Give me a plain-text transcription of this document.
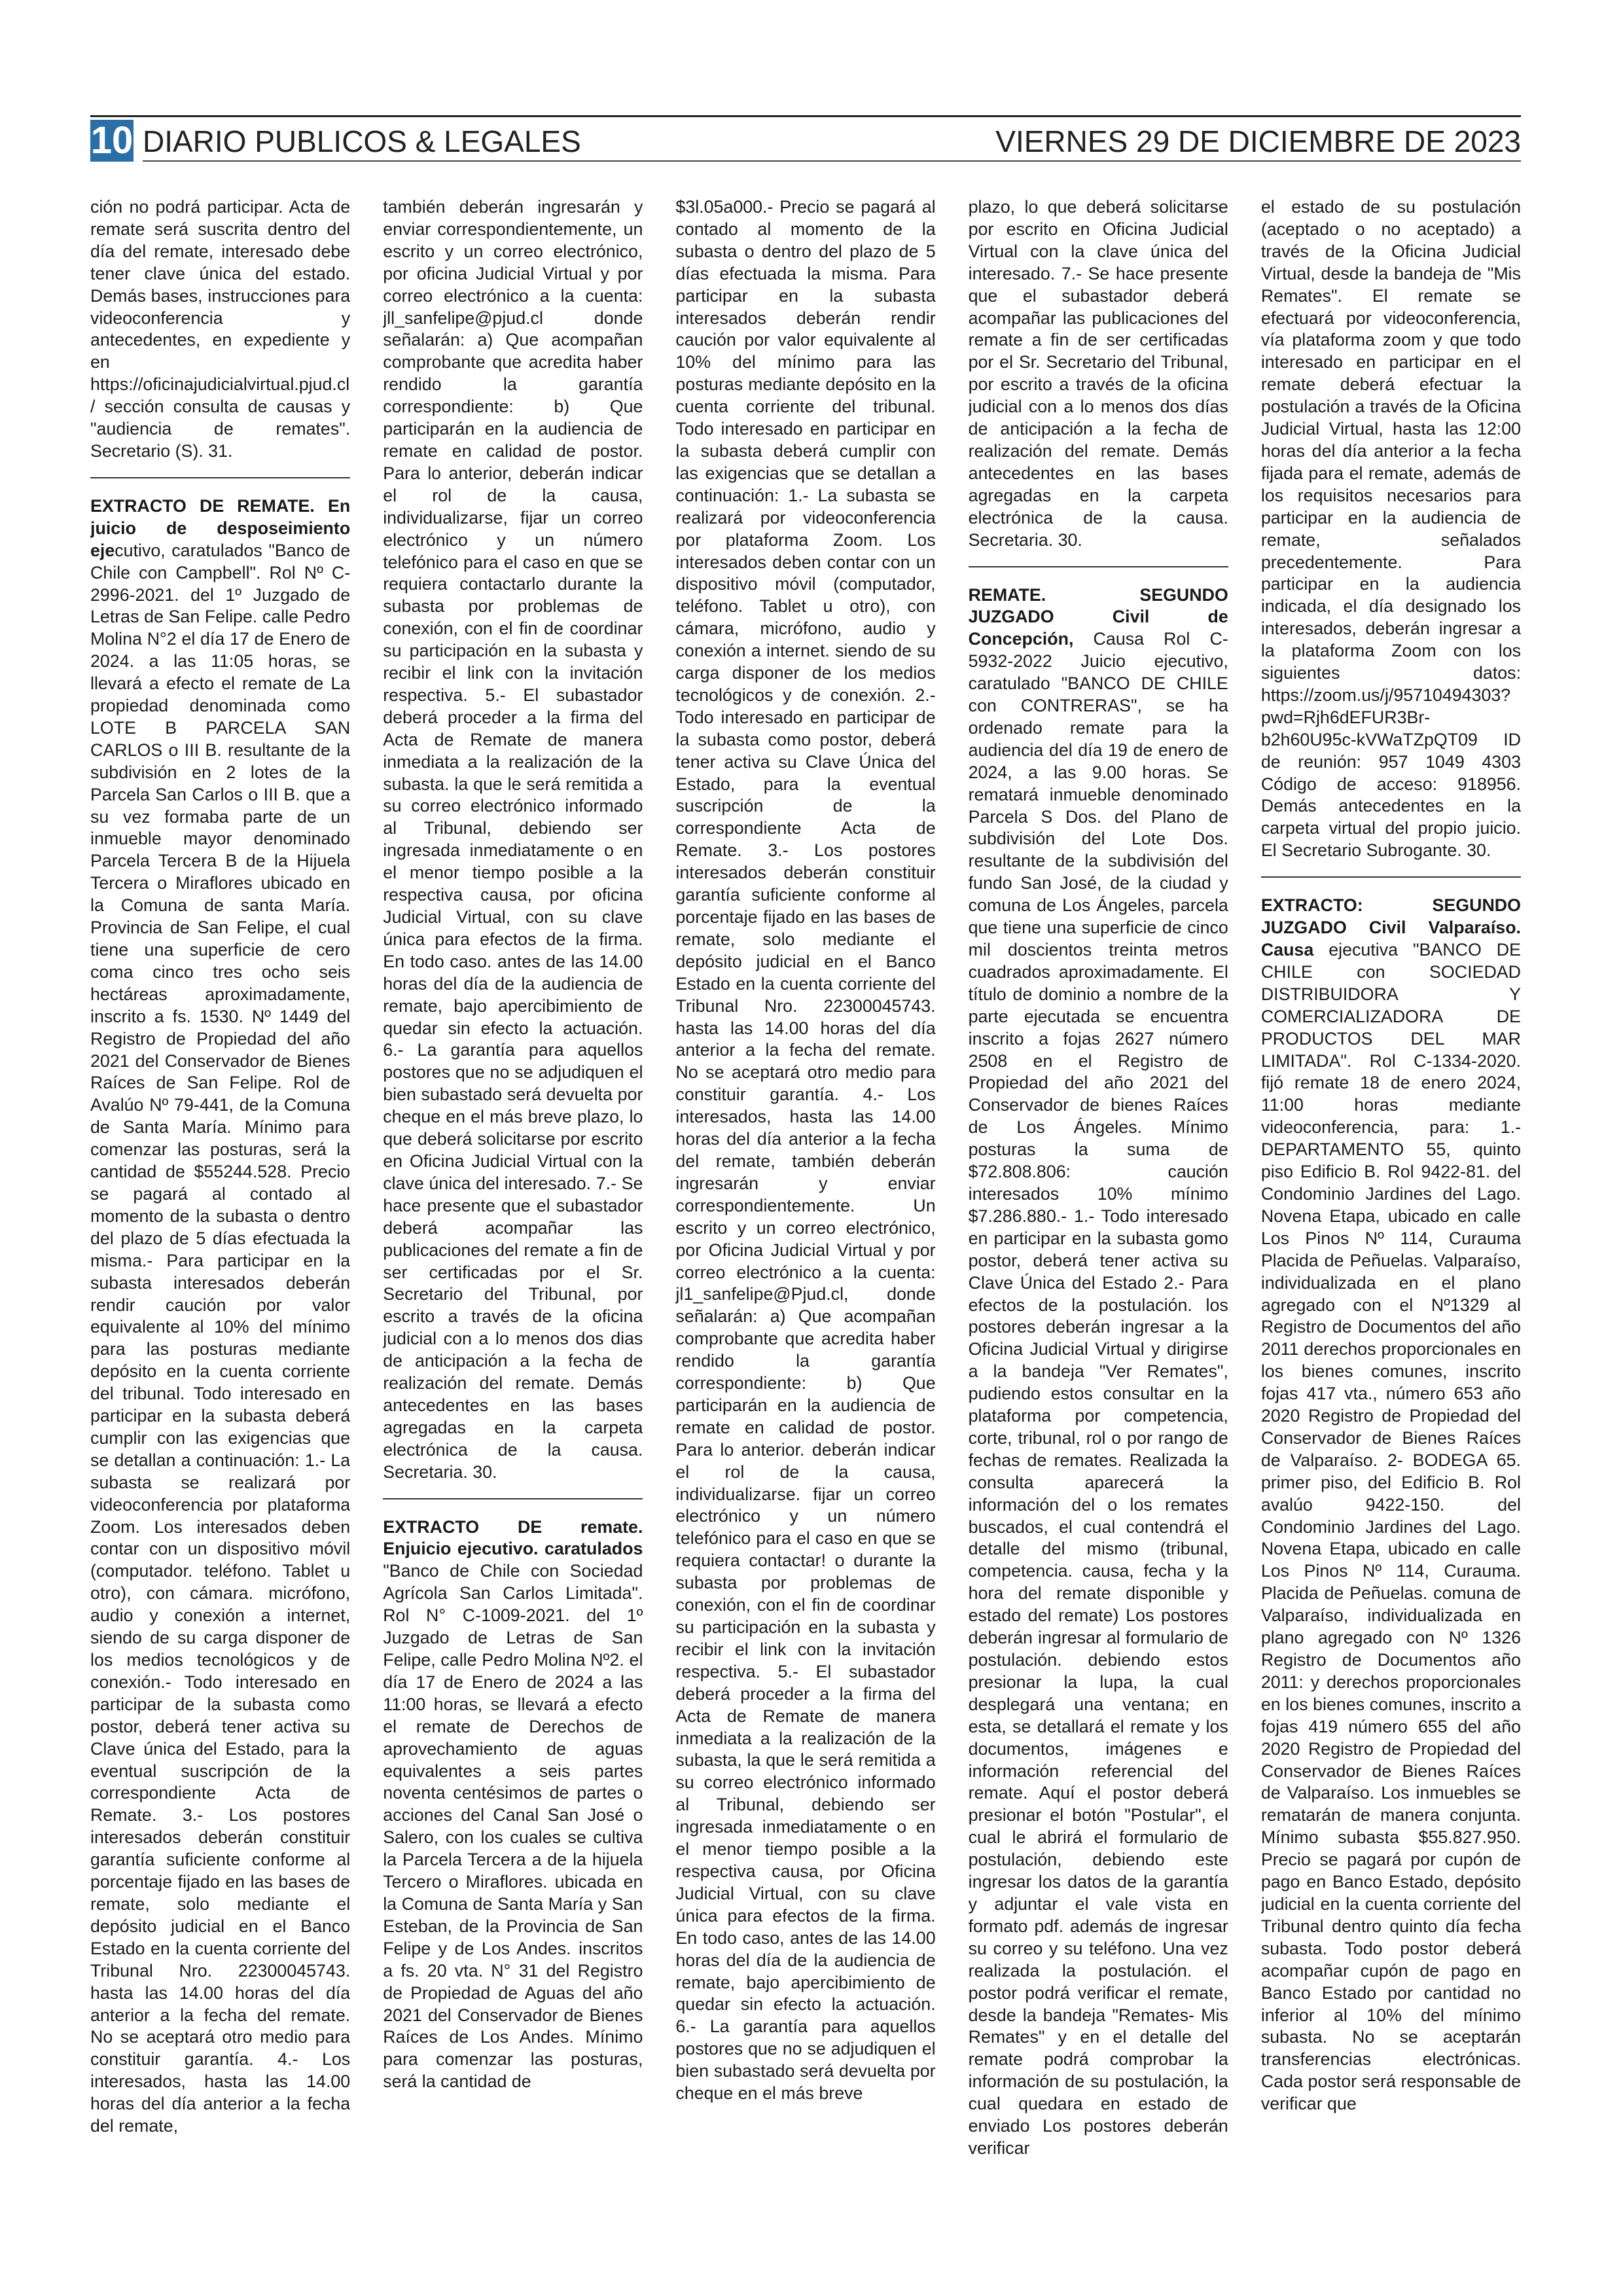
10 DIARIO PUBLICOS & LEGALES	VIERNES 29 DE DICIEMBRE DE 2023

ción no podrá participar. Acta de remate será suscrita dentro del día del remate, interesado debe tener clave única del estado. Demás bases, instrucciones para videoconferencia y antecedentes, en expediente y en https://oficinajudicialvirtual.pjud.cl/ sección consulta de causas y "audiencia de remates". Secretario (S). 31.

EXTRACTO DE REMATE. En juicio de desposeimiento ejecutivo, caratulados "Banco de Chile con Campbell". Rol Nº C-2996-2021. del 1º Juzgado de Letras de San Felipe. calle Pedro Molina N°2 el día 17 de Enero de 2024. a las 11:05 horas, se llevará a efecto el remate de La propiedad denominada como LOTE B PARCELA SAN CARLOS o III B. resultante de la subdivisión en 2 lotes de la Parcela San Carlos o III B. que a su vez formaba parte de un inmueble mayor denominado Parcela Tercera B de la Hijuela Tercera o Miraflores ubicado en la Comuna de santa María. Provincia de San Felipe, el cual tiene una superficie de cero coma cinco tres ocho seis hectáreas aproximadamente, inscrito a fs. 1530. Nº 1449 del Registro de Propiedad del año 2021 del Conservador de Bienes Raíces de San Felipe. Rol de Avalúo Nº 79-441, de la Comuna de Santa María. Mínimo para comenzar las posturas, será la cantidad de $55244.528. Precio se pagará al contado al momento de la subasta o dentro del plazo de 5 días efectuada la misma.- Para participar en la subasta interesados deberán rendir caución por valor equivalente al 10% del mínimo para las posturas mediante depósito en la cuenta corriente del tribunal. Todo interesado en participar en la subasta deberá cumplir con las exigencias que se detallan a continuación: 1.- La subasta se realizará por videoconferencia por plataforma Zoom. Los interesados deben contar con un dispositivo móvil (computador. teléfono. Tablet u otro), con cámara. micrófono, audio y conexión a internet, siendo de su carga disponer de los medios tecnológicos y de conexión.- Todo interesado en participar de la subasta como postor, deberá tener activa su Clave única del Estado, para la eventual suscripción de la correspondiente Acta de Remate. 3.- Los postores interesados deberán constituir garantía suficiente conforme al porcentaje fijado en las bases de remate, solo mediante el depósito judicial en el Banco Estado en la cuenta corriente del Tribunal Nro. 22300045743. hasta las 14.00 horas del día anterior a la fecha del remate. No se aceptará otro medio para constituir garantía. 4.- Los interesados, hasta las 14.00 horas del día anterior a la fecha del remate,

también deberán ingresarán y enviar correspondientemente, un escrito y un correo electrónico, por oficina Judicial Virtual y por correo electrónico a la cuenta: jll_sanfelipe@pjud.cl donde señalarán: a) Que acompañan comprobante que acredita haber rendido la garantía correspondiente: b) Que participarán en la audiencia de remate en calidad de postor. Para lo anterior, deberán indicar el rol de la causa, individualizarse, fijar un correo electrónico y un número telefónico para el caso en que se requiera contactarlo durante la subasta por problemas de conexión, con el fin de coordinar su participación en la subasta y recibir el link con la invitación respectiva. 5.- El subastador deberá proceder a la firma del Acta de Remate de manera inmediata a la realización de la subasta. la que le será remitida a su correo electrónico informado al Tribunal, debiendo ser ingresada inmediatamente o en el menor tiempo posible a la respectiva causa, por oficina Judicial Virtual, con su clave única para efectos de la firma. En todo caso. antes de las 14.00 horas del día de la audiencia de remate, bajo apercibimiento de quedar sin efecto la actuación. 6.- La garantía para aquellos postores que no se adjudiquen el bien subastado será devuelta por cheque en el más breve plazo, lo que deberá solicitarse por escrito en Oficina Judicial Virtual con la clave única del interesado. 7.- Se hace presente que el subastador deberá acompañar las publicaciones del remate a fin de ser certificadas por el Sr. Secretario del Tribunal, por escrito a través de la oficina judicial con a lo menos dos dias de anticipación a la fecha de realización del remate. Demás antecedentes en las bases agregadas en la carpeta electrónica de la causa. Secretaria. 30.

EXTRACTO DE remate. Enjuicio ejecutivo. caratulados "Banco de Chile con Sociedad Agrícola San Carlos Limitada". Rol N° C-1009-2021. del 1º Juzgado de Letras de San Felipe, calle Pedro Molina Nº2. el día 17 de Enero de 2024 a las 11:00 horas, se llevará a efecto el remate de Derechos de aprovechamiento de aguas equivalentes a seis partes noventa centésimos de partes o acciones del Canal San José o Salero, con los cuales se cultiva la Parcela Tercera a de la hijuela Tercero o Miraflores. ubicada en la Comuna de Santa María y San Esteban, de la Provincia de San Felipe y de Los Andes. inscritos a fs. 20 vta. N° 31 del Registro de Propiedad de Aguas del año 2021 del Conservador de Bienes Raíces de Los Andes. Mínimo para comenzar las posturas, será la cantidad de

$3l.05a000.- Precio se pagará al contado al momento de la subasta o dentro del plazo de 5 días efectuada la misma. Para participar en la subasta interesados deberán rendir caución por valor equivalente al 10% del mínimo para las posturas mediante depósito en la cuenta corriente del tribunal. Todo interesado en participar en la subasta deberá cumplir con las exigencias que se detallan a continuación: 1.- La subasta se realizará por videoconferencia por plataforma Zoom. Los interesados deben contar con un dispositivo móvil (computador, teléfono. Tablet u otro), con cámara, micrófono, audio y conexión a internet. siendo de su carga disponer de los medios tecnológicos y de conexión. 2.- Todo interesado en participar de la subasta como postor, deberá tener activa su Clave Única del Estado, para la eventual suscripción de la correspondiente Acta de Remate. 3.- Los postores interesados deberán constituir garantía suficiente conforme al porcentaje fijado en las bases de remate, solo mediante el depósito judicial en el Banco Estado en la cuenta corriente del Tribunal Nro. 22300045743. hasta las 14.00 horas del día anterior a la fecha del remate. No se aceptará otro medio para constituir garantía. 4.- Los interesados, hasta las 14.00 horas del día anterior a la fecha del remate, también deberán ingresarán y enviar correspondientemente. Un escrito y un correo electrónico, por Oficina Judicial Virtual y por correo electrónico a la cuenta: jl1_sanfelipe@Pjud.cl, donde señalarán: a) Que acompañan comprobante que acredita haber rendido la garantía correspondiente: b) Que participarán en la audiencia de remate en calidad de postor. Para lo anterior. deberán indicar el rol de la causa, individualizarse. fijar un correo electrónico y un número telefónico para el caso en que se requiera contactar! o durante la subasta por problemas de conexión, con el fin de coordinar su participación en la subasta y recibir el link con la invitación respectiva. 5.- El subastador deberá proceder a la firma del Acta de Remate de manera inmediata a la realización de la subasta, la que le será remitida a su correo electrónico informado al Tribunal, debiendo ser ingresada inmediatamente o en el menor tiempo posible a la respectiva causa, por Oficina Judicial Virtual, con su clave única para efectos de la firma. En todo caso, antes de las 14.00 horas del día de la audiencia de remate, bajo apercibimiento de quedar sin efecto la actuación. 6.- La garantía para aquellos postores que no se adjudiquen el bien subastado será devuelta por cheque en el más breve

plazo, lo que deberá solicitarse por escrito en Oficina Judicial Virtual con la clave única del interesado. 7.- Se hace presente que el subastador deberá acompañar las publicaciones del remate a fin de ser certificadas por el Sr. Secretario del Tribunal, por escrito a través de la oficina judicial con a lo menos dos días de anticipación a la fecha de realización del remate. Demás antecedentes en las bases agregadas en la carpeta electrónica de la causa. Secretaria. 30.

REMATE. SEGUNDO JUZGADO Civil de Concepción, Causa Rol C-5932-2022 Juicio ejecutivo, caratulado "BANCO DE CHILE con CONTRERAS", se ha ordenado remate para la audiencia del día 19 de enero de 2024, a las 9.00 horas. Se rematará inmueble denominado Parcela S Dos. del Plano de subdivisión del Lote Dos. resultante de la subdivisión del fundo San José, de la ciudad y comuna de Los Ángeles, parcela que tiene una superficie de cinco mil doscientos treinta metros cuadrados aproximadamente. El título de dominio a nombre de la parte ejecutada se encuentra inscrito a fojas 2627 número 2508 en el Registro de Propiedad del año 2021 del Conservador de bienes Raíces de Los Ángeles. Mínimo posturas la suma de $72.808.806: caución interesados 10% mínimo $7.286.880.- 1.- Todo interesado en participar en la subasta gomo postor, deberá tener activa su Clave Única del Estado 2.- Para efectos de la postulación. los postores deberán ingresar a la Oficina Judicial Virtual y dirigirse a la bandeja "Ver Remates", pudiendo estos consultar en la plataforma por competencia, corte, tribunal, rol o por rango de fechas de remates. Realizada la consulta aparecerá la información del o los remates buscados, el cual contendrá el detalle del mismo (tribunal, competencia. causa, fecha y la hora del remate disponible y estado del remate) Los postores deberán ingresar al formulario de postulación. debiendo estos presionar la lupa, la cual desplegará una ventana; en esta, se detallará el remate y los documentos, imágenes e información referencial del remate. Aquí el postor deberá presionar el botón "Postular", el cual le abrirá el formulario de postulación, debiendo este ingresar los datos de la garantía y adjuntar el vale vista en formato pdf. además de ingresar su correo y su teléfono. Una vez realizada la postulación. el postor podrá verificar el remate, desde la bandeja "Remates- Mis Remates" y en el detalle del remate podrá comprobar la información de su postulación, la cual quedara en estado de enviado Los postores deberán verificar

el estado de su postulación (aceptado o no aceptado) a través de la Oficina Judicial Virtual, desde la bandeja de "Mis Remates". El remate se efectuará por videoconferencia, vía plataforma zoom y que todo interesado en participar en el remate deberá efectuar la postulación a través de la Oficina Judicial Virtual, hasta las 12:00 horas del día anterior a la fecha fijada para el remate, además de los requisitos necesarios para participar en la audiencia de remate, señalados precedentemente. Para participar en la audiencia indicada, el día designado los interesados, deberán ingresar a la plataforma Zoom con los siguientes datos: https://zoom.us/j/95710494303?pwd=Rjh6dEFUR3Br-b2h60U95c-kVWaTZpQT09 ID de reunión: 957 1049 4303 Código de acceso: 918956. Demás antecedentes en la carpeta virtual del propio juicio. El Secretario Subrogante. 30.

EXTRACTO: SEGUNDO JUZGADO Civil Valparaíso. Causa ejecutiva "BANCO DE CHILE con SOCIEDAD DISTRIBUIDORA Y COMERCIALIZADORA DE PRODUCTOS DEL MAR LIMITADA". Rol C-1334-2020. fijó remate 18 de enero 2024, 11:00 horas mediante videoconferencia, para: 1.- DEPARTAMENTO 55, quinto piso Edificio B. Rol 9422-81. del Condominio Jardines del Lago. Novena Etapa, ubicado en calle Los Pinos Nº 114, Curauma Placida de Peñuelas. Valparaíso, individualizada en el plano agregado con el Nº1329 al Registro de Documentos del año 2011 derechos proporcionales en los bienes comunes, inscrito fojas 417 vta., número 653 año 2020 Registro de Propiedad del Conservador de Bienes Raíces de Valparaíso. 2- BODEGA 65. primer piso, del Edificio B. Rol avalúo 9422-150. del Condominio Jardines del Lago. Novena Etapa, ubicado en calle Los Pinos Nº 114, Curauma. Placida de Peñuelas. comuna de Valparaíso, individualizada en plano agregado con Nº 1326 Registro de Documentos año 2011: y derechos proporcionales en los bienes comunes, inscrito a fojas 419 número 655 del año 2020 Registro de Propiedad del Conservador de Bienes Raíces de Valparaíso. Los inmuebles se rematarán de manera conjunta. Mínimo subasta $55.827.950. Precio se pagará por cupón de pago en Banco Estado, depósito judicial en la cuenta corriente del Tribunal dentro quinto día fecha subasta. Todo postor deberá acompañar cupón de pago en Banco Estado por cantidad no inferior al 10% del mínimo subasta. No se aceptarán transferencias electrónicas. Cada postor será responsable de verificar que
